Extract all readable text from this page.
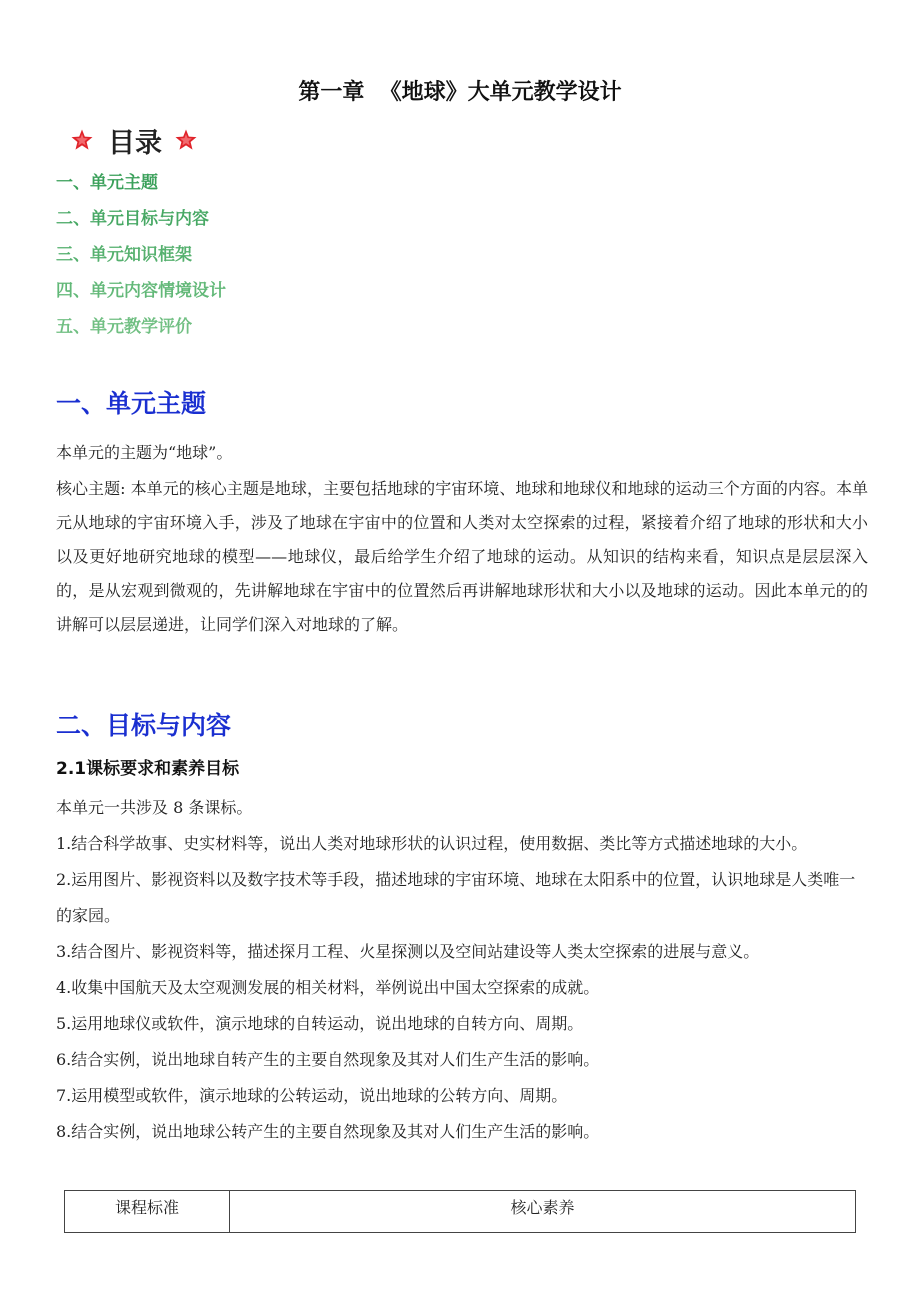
第一章  《地球》大单元教学设计
目录
一、单元主题
二、单元目标与内容
三、单元知识框架
四、单元内容情境设计
五、单元教学评价
一、单元主题

本单元的主题为“地球”。

核心主题: 本单元的核心主题是地球，主要包括地球的宇宙环境、地球和地球仪和地球的运动三个方面的内容。本单元从地球的宇宙环境入手，涉及了地球在宇宙中的位置和人类对太空探索的过程，紧接着介绍了地球的形状和大小以及更好地研究地球的模型——地球仪，最后给学生介绍了地球的运动。从知识的结构来看，知识点是层层深入的，是从宏观到微观的，先讲解地球在宇宙中的位置然后再讲解地球形状和大小以及地球的运动。因此本单元的的讲解可以层层递进，让同学们深入对地球的了解。

二、目标与内容
2.1课标要求和素养目标
本单元一共涉及 8 条课标。
1.结合科学故事、史实材料等，说出人类对地球形状的认识过程，使用数据、类比等方式描述地球的大小。
2.运用图片、影视资料以及数字技术等手段，描述地球的宇宙环境、地球在太阳系中的位置，认识地球是人类唯一的家园。
3.结合图片、影视资料等，描述探月工程、火星探测以及空间站建设等人类太空探索的进展与意义。
4.收集中国航天及太空观测发展的相关材料，举例说出中国太空探索的成就。
5.运用地球仪或软件，演示地球的自转运动，说出地球的自转方向、周期。
6.结合实例，说出地球自转产生的主要自然现象及其对人们生产生活的影响。
7.运用模型或软件，演示地球的公转运动，说出地球的公转方向、周期。
8.结合实例，说出地球公转产生的主要自然现象及其对人们生产生活的影响。
课程标准	核心素养
